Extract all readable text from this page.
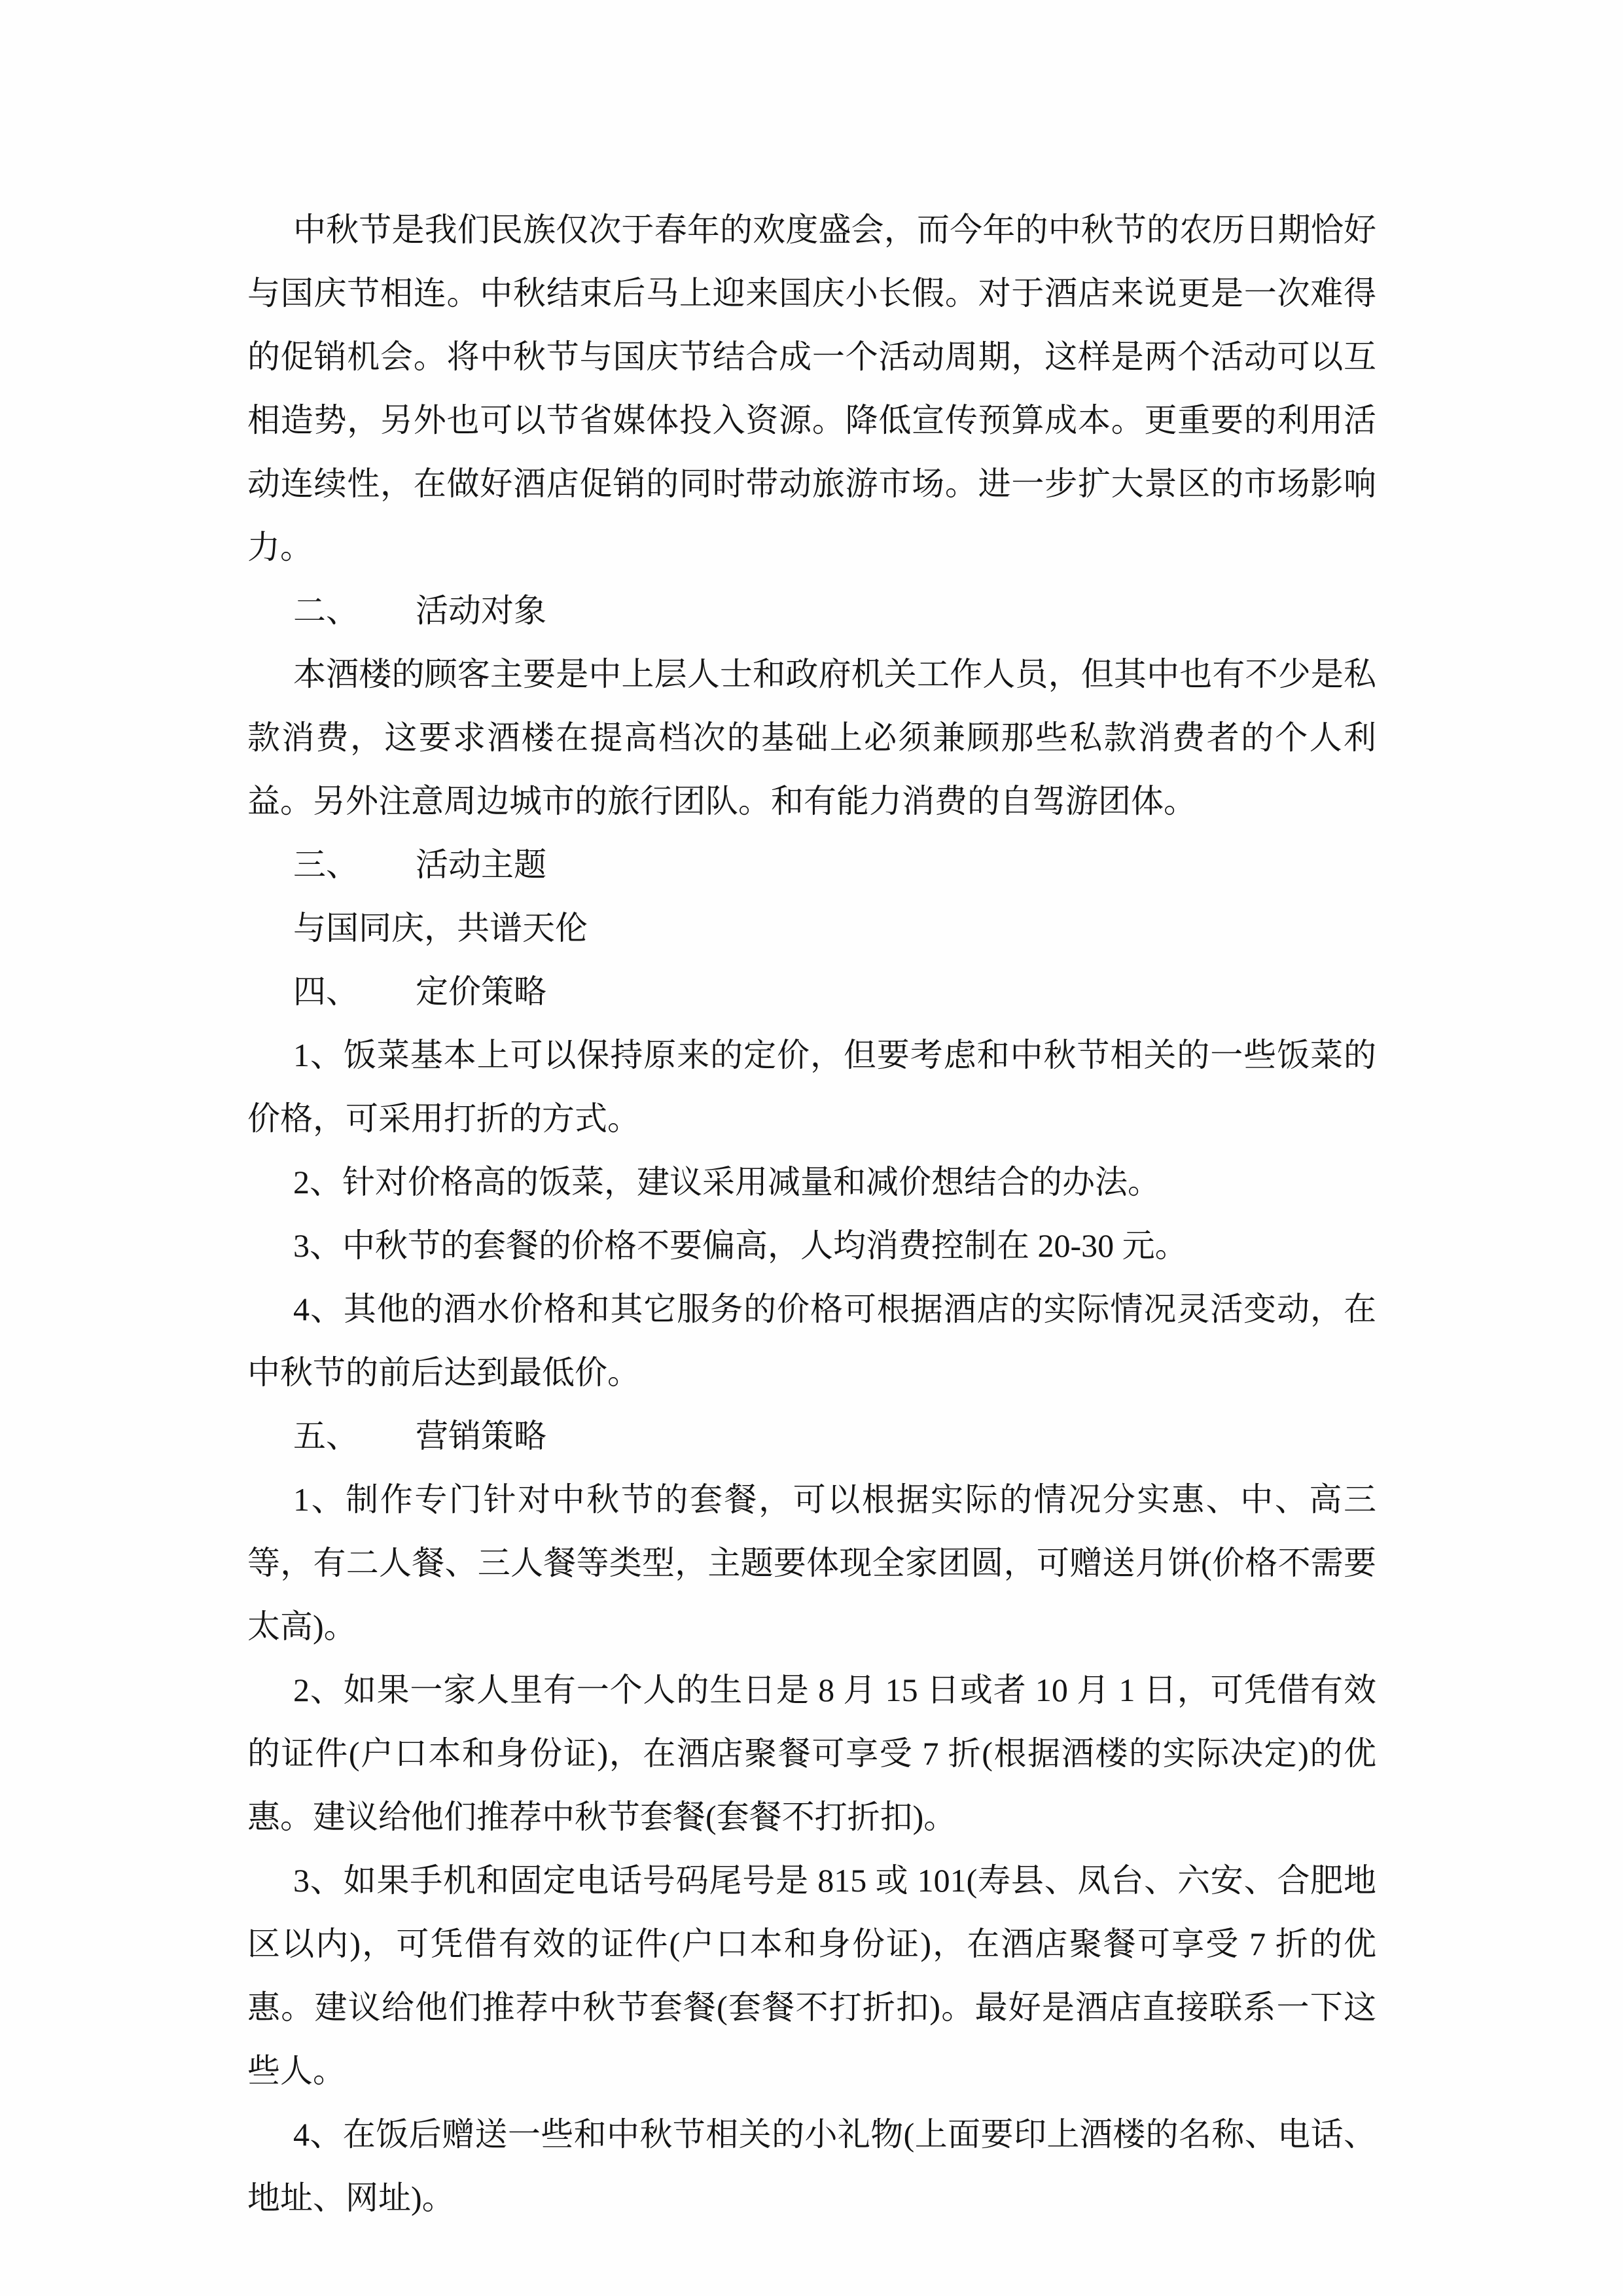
中秋节是我们民族仅次于春年的欢度盛会，而今年的中秋节的农历日期恰好与国庆节相连。中秋结束后马上迎来国庆小长假。对于酒店来说更是一次难得的促销机会。将中秋节与国庆节结合成一个活动周期，这样是两个活动可以互相造势，另外也可以节省媒体投入资源。降低宣传预算成本。更重要的利用活动连续性，在做好酒店促销的同时带动旅游市场。进一步扩大景区的市场影响力。

二、 活动对象

本酒楼的顾客主要是中上层人士和政府机关工作人员，但其中也有不少是私款消费，这要求酒楼在提高档次的基础上必须兼顾那些私款消费者的个人利益。另外注意周边城市的旅行团队。和有能力消费的自驾游团体。

三、 活动主题

与国同庆，共谱天伦

四、 定价策略

1、饭菜基本上可以保持原来的定价，但要考虑和中秋节相关的一些饭菜的价格，可采用打折的方式。

2、针对价格高的饭菜，建议采用减量和减价想结合的办法。

3、中秋节的套餐的价格不要偏高，人均消费控制在 20-30 元。

4、其他的酒水价格和其它服务的价格可根据酒店的实际情况灵活变动，在中秋节的前后达到最低价。

五、 营销策略

1、制作专门针对中秋节的套餐，可以根据实际的情况分实惠、中、高三等，有二人餐、三人餐等类型，主题要体现全家团圆，可赠送月饼(价格不需要太高)。

2、如果一家人里有一个人的生日是 8 月 15 日或者 10 月 1 日，可凭借有效的证件(户口本和身份证)，在酒店聚餐可享受 7 折(根据酒楼的实际决定)的优惠。建议给他们推荐中秋节套餐(套餐不打折扣)。

3、如果手机和固定电话号码尾号是 815 或 101(寿县、凤台、六安、合肥地区以内)，可凭借有效的证件(户口本和身份证)，在酒店聚餐可享受 7 折的优惠。建议给他们推荐中秋节套餐(套餐不打折扣)。最好是酒店直接联系一下这些人。

4、在饭后赠送一些和中秋节相关的小礼物(上面要印上酒楼的名称、电话、地址、网址)。
